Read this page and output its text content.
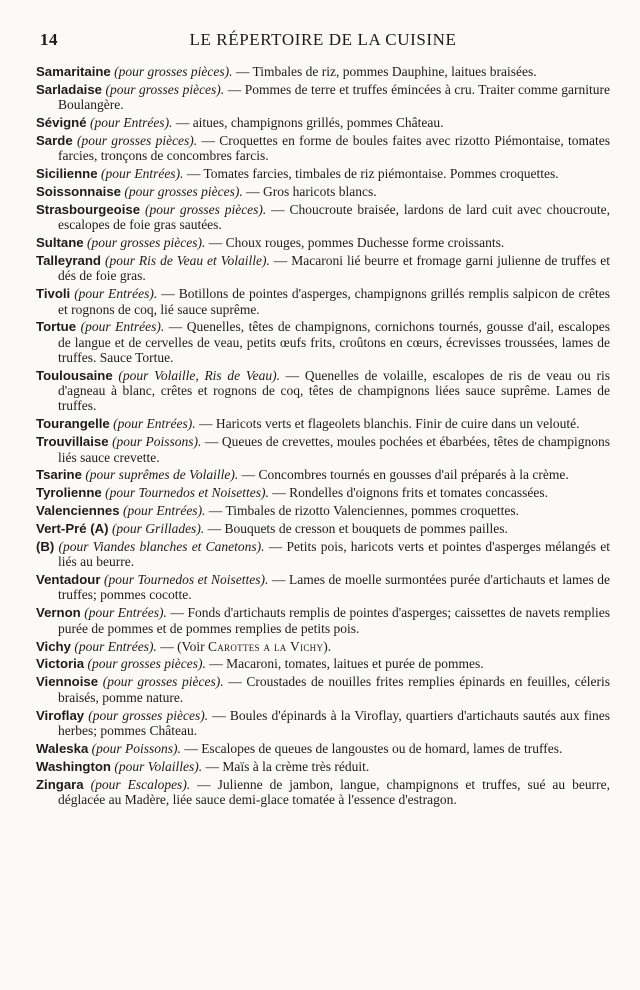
14	LE RÉPERTOIRE DE LA CUISINE

Samaritaine (pour grosses pièces). — Timbales de riz, pommes Dauphine, laitues braisées.

Sarladaise (pour grosses pièces). — Pommes de terre et truffes émincées à cru. Traiter comme garniture Boulangère.

Sévigné (pour Entrées). — aitues, champignons grillés, pommes Château.

Sarde (pour grosses pièces). — Croquettes en forme de boules faites avec rizotto Piémontaise, tomates farcies, tronçons de concombres farcis.

Sicilienne (pour Entrées). — Tomates farcies, timbales de riz piémontaise. Pommes croquettes.

Soissonnaise (pour grosses pièces). — Gros haricots blancs.

Strasbourgeoise (pour grosses pièces). — Choucroute braisée, lardons de lard cuit avec choucroute, escalopes de foie gras sautées.

Sultane (pour grosses pièces). — Choux rouges, pommes Duchesse forme croissants.

Talleyrand (pour Ris de Veau et Volaille). — Macaroni lié beurre et fromage garni julienne de truffes et dés de foie gras.

Tivoli (pour Entrées). — Botillons de pointes d'asperges, champignons grillés remplis salpicon de crêtes et rognons de coq, lié sauce suprême.

Tortue (pour Entrées). — Quenelles, têtes de champignons, cornichons tournés, gousse d'ail, escalopes de langue et de cervelles de veau, petits œufs frits, croûtons en cœurs, écrevisses troussées, lames de truffes. Sauce Tortue.

Toulousaine (pour Volaille, Ris de Veau). — Quenelles de volaille, escalopes de ris de veau ou ris d'agneau à blanc, crêtes et rognons de coq, têtes de champignons liées sauce suprême. Lames de truffes.

Tourangelle (pour Entrées). — Haricots verts et flageolets blanchis. Finir de cuire dans un velouté.

Trouvillaise (pour Poissons). — Queues de crevettes, moules pochées et ébarbées, têtes de champignons liés sauce crevette.

Tsarine (pour suprêmes de Volaille). — Concombres tournés en gousses d'ail préparés à la crème.

Tyrolienne (pour Tournedos et Noisettes). — Rondelles d'oignons frits et tomates concassées.

Valenciennes (pour Entrées). — Timbales de rizotto Valenciennes, pommes croquettes.

Vert-Pré (A) (pour Grillades). — Bouquets de cresson et bouquets de pommes pailles.

(B) (pour Viandes blanches et Canetons). — Petits pois, haricots verts et pointes d'asperges mélangés et liés au beurre.

Ventadour (pour Tournedos et Noisettes). — Lames de moelle surmontées purée d'artichauts et lames de truffes; pommes cocotte.

Vernon (pour Entrées). — Fonds d'artichauts remplis de pointes d'asperges; caissettes de navets remplies purée de pommes et de pommes remplies de petits pois.

Vichy (pour Entrées). — (Voir Carottes a la Vichy).

Victoria (pour grosses pièces). — Macaroni, tomates, laitues et purée de pommes.

Viennoise (pour grosses pièces). — Croustades de nouilles frites remplies épinards en feuilles, céleris braisés, pomme nature.

Viroflay (pour grosses pièces). — Boules d'épinards à la Viroflay, quartiers d'artichauts sautés aux fines herbes; pommes Château.

Waleska (pour Poissons). — Escalopes de queues de langoustes ou de homard, lames de truffes.

Washington (pour Volailles). — Maïs à la crème très réduit.

Zingara (pour Escalopes). — Julienne de jambon, langue, champignons et truffes, sué au beurre, déglacée au Madère, liée sauce demi-glace tomatée à l'essence d'estragon.
